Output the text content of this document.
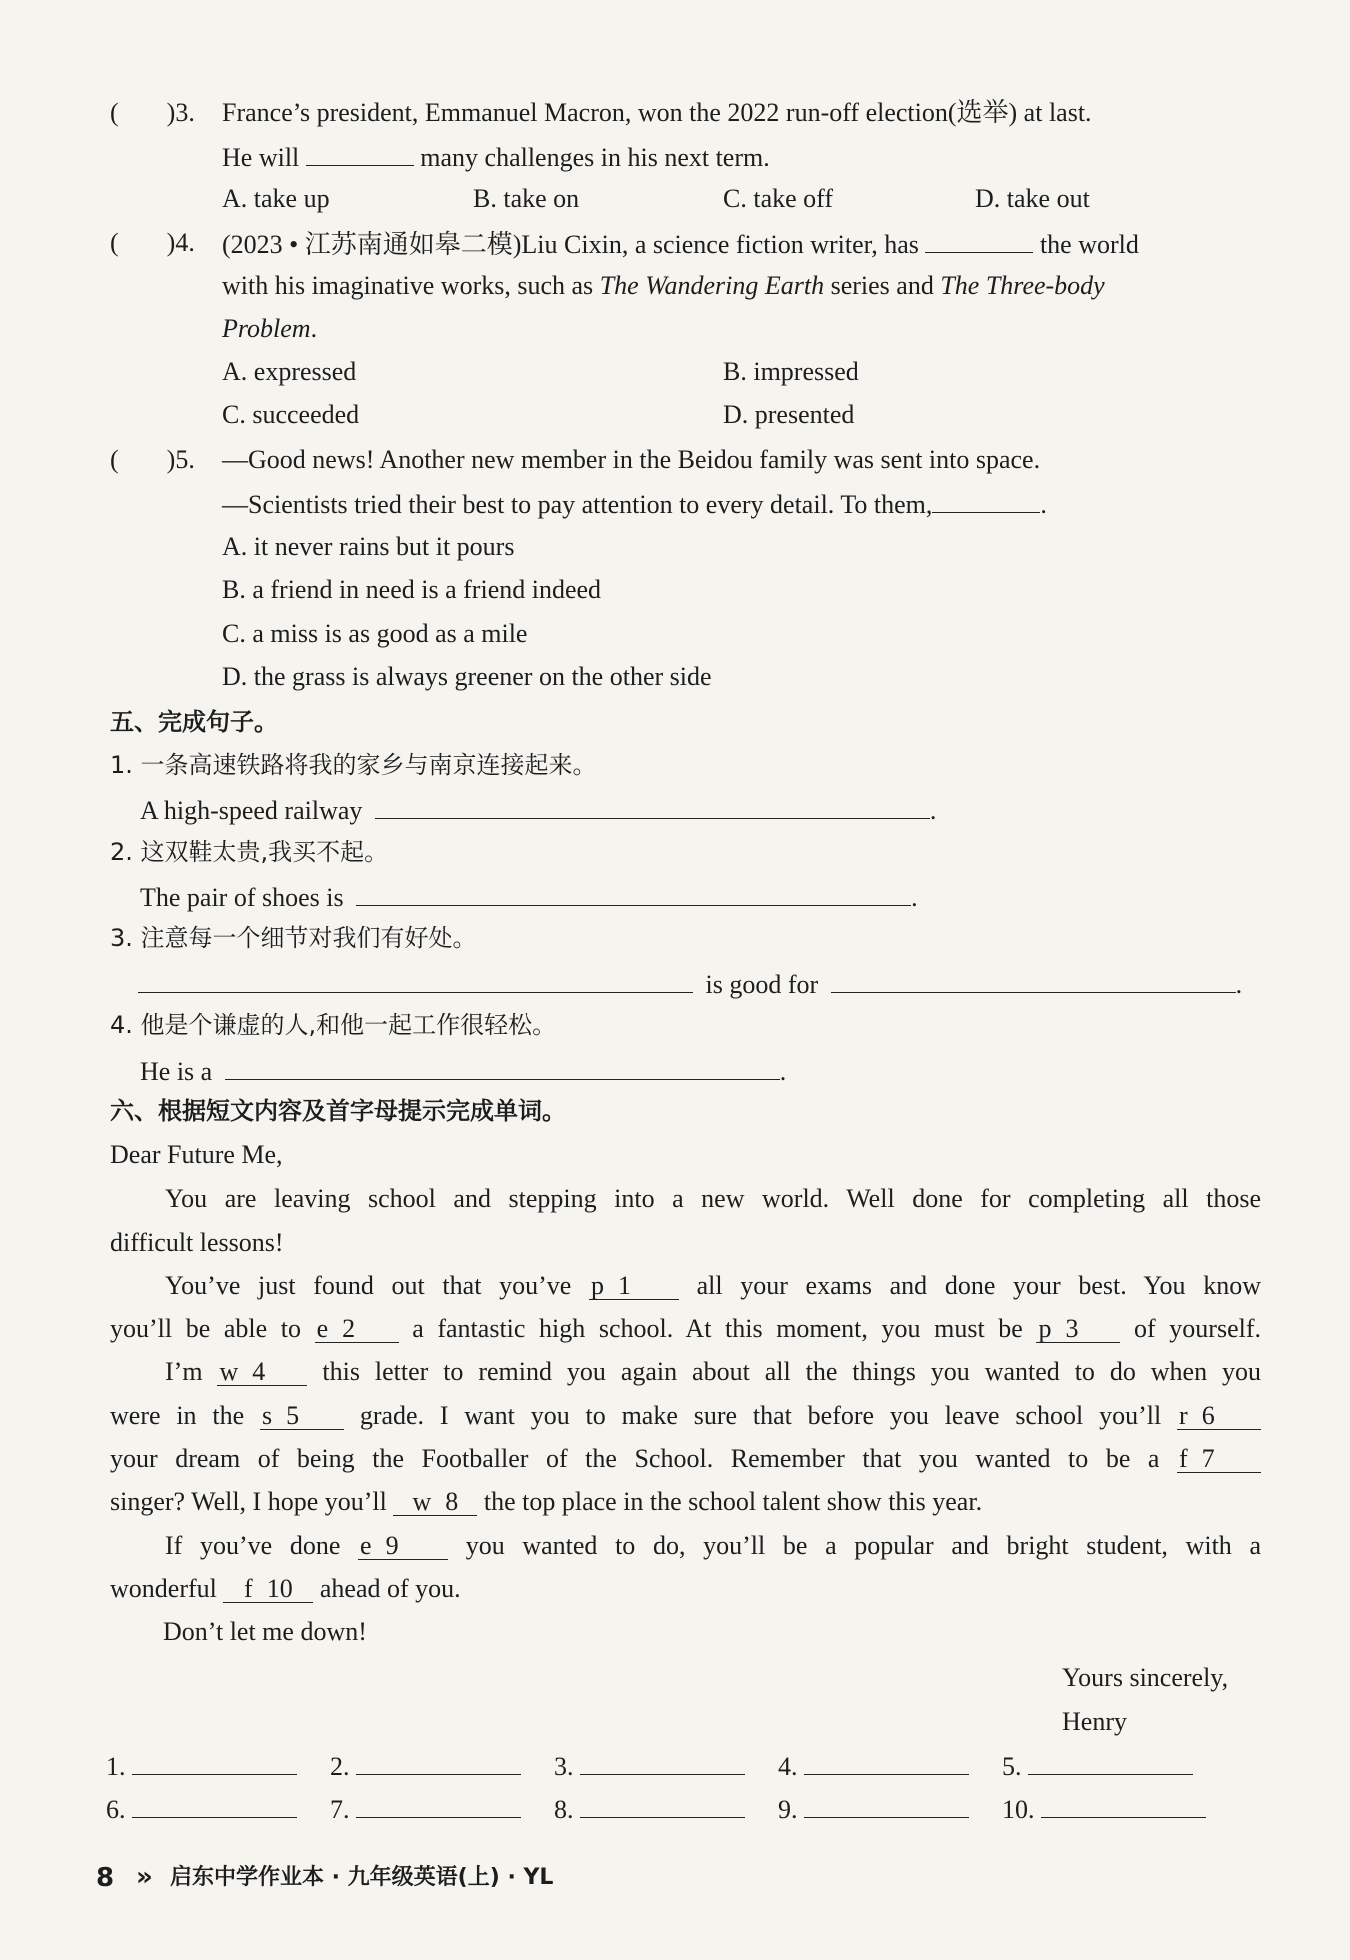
( )3. France’s president, Emmanuel Macron, won the 2022 run-off election(选举) at last.
He will	many challenges in his next term.
A. take up	B. take on	C. take off	D. take out
( )4. (2023 • 江苏南通如皋二模)Liu Cixin, a science fiction writer, has	the world
with his imaginative works, such as The Wandering Earth series and The Three-body
Problem.
A. expressed	B. impressed
C. succeeded	D. presented
( )5. —Good news! Another new member in the Beidou family was sent into space.
—Scientists tried their best to pay attention to every detail. To them,	.
A. it never rains but it pours
B. a friend in need is a friend indeed
C. a miss is as good as a mile
D. the grass is always greener on the other side
五、完成句子。
1. 一条高速铁路将我的家乡与南京连接起来。
A high-speed railway	.
2. 这双鞋太贵,我买不起。
The pair of shoes is	.
3. 注意每一个细节对我们有好处。
is good for	.
4. 他是个谦虚的人,和他一起工作很轻松。
He is a	.
六、根据短文内容及首字母提示完成单词。
Dear Future Me,
You are leaving school and stepping into a new world. Well done for completing all those
difficult lessons!
You’ve just found out that you’ve p 1	all your exams and done your best. You know
you’ll be able to e 2 a fantastic high school. At this moment, you must be p 3 of yourself.
I’m w 4 this letter to remind you again about all the things you wanted to do when you
were in the s 5 grade. I want you to make sure that before you leave school you’ll r 6
your dream of being the Footballer of the School. Remember that you wanted to be a f 7
singer? Well, I hope you’ll w 8 the top place in the school talent show this year.
If you’ve done e 9	you wanted to do, you’ll be a popular and bright student, with a
wonderful f 10 ahead of you.
Don’t let me down!
Yours sincerely,
Henry
1.	2.	3.	4.	5.
6.	7.	8.	9.	10.
8 » 启东中学作业本 · 九年级英语(上) · YL
